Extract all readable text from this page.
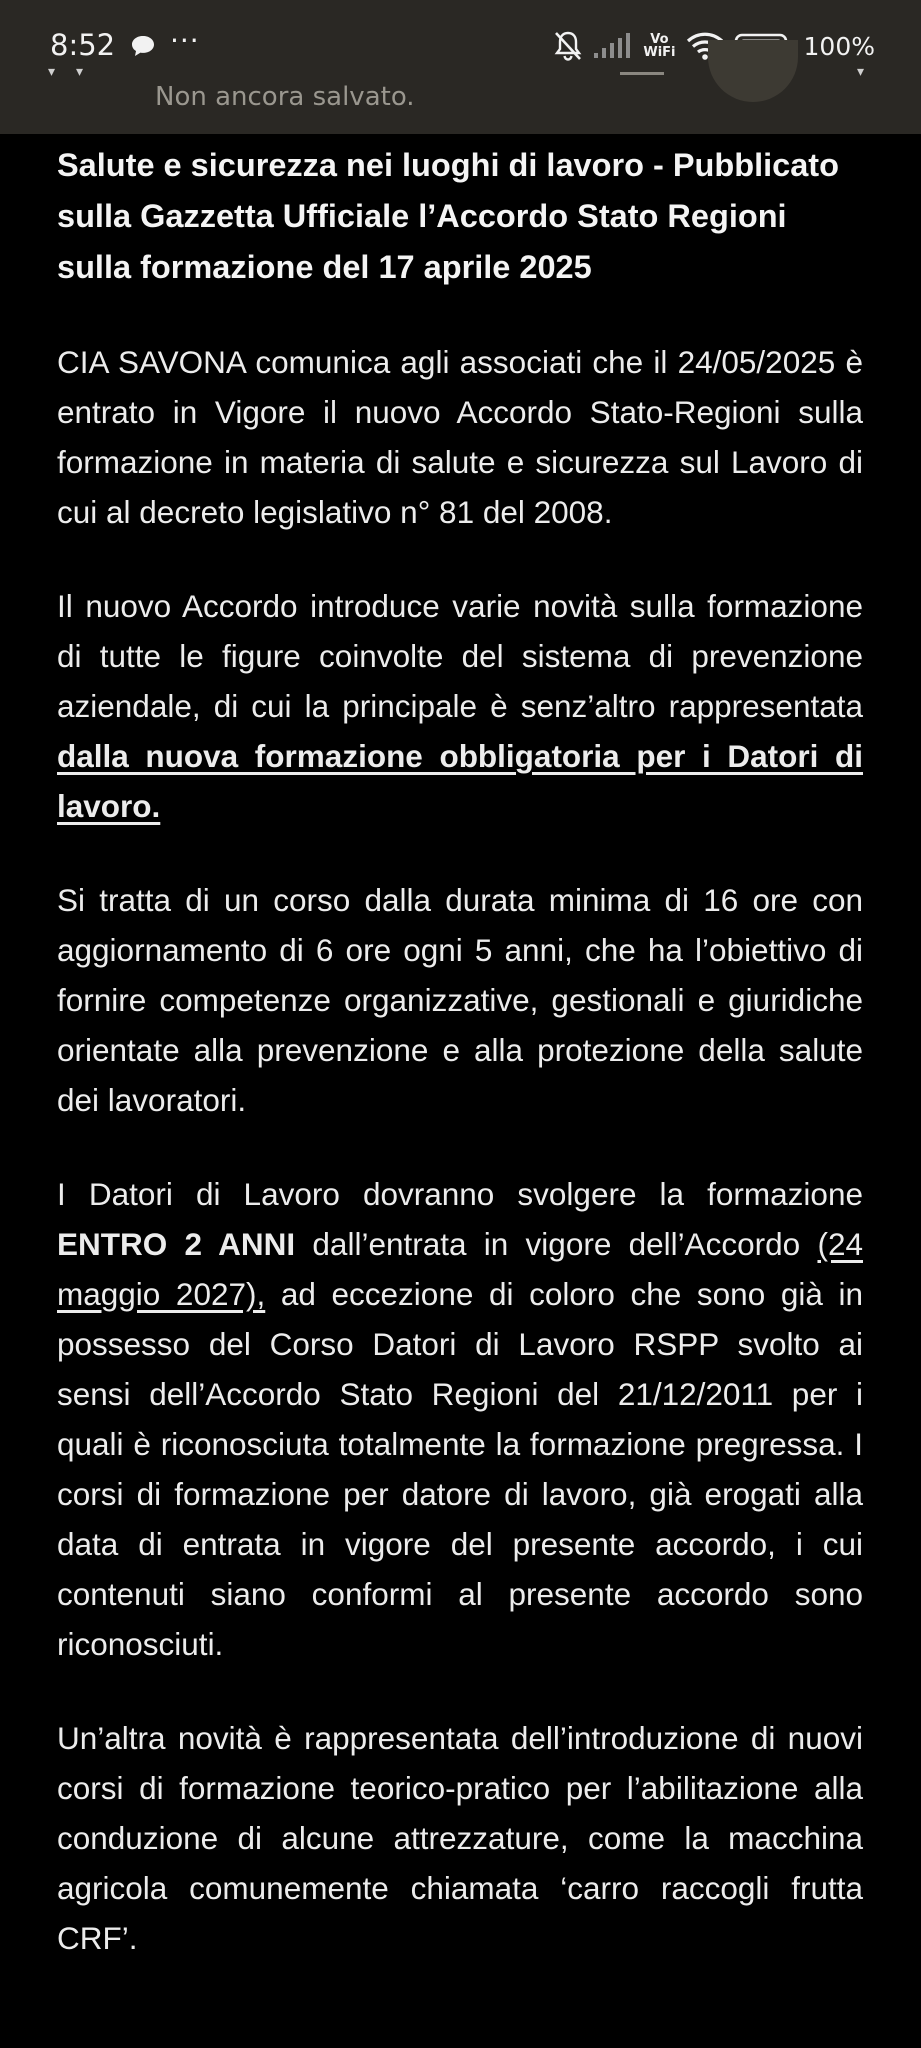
8:52 ···	Vo
WiFi	100%
▾ ▾	▾
Non ancora salvato.
Salute e sicurezza nei luoghi di lavoro - Pubblicato sulla Gazzetta Ufficiale l’Accordo Stato Regioni sulla formazione del 17 aprile 2025

CIA SAVONA comunica agli associati che il 24/05/2025 è entrato in Vigore il nuovo Accordo Stato-Regioni sulla formazione in materia di salute e sicurezza sul Lavoro di cui al decreto legislativo n° 81 del 2008.

Il nuovo Accordo introduce varie novità sulla formazione di tutte le figure coinvolte del sistema di prevenzione aziendale, di cui la principale è senz’altro rappresentata dalla nuova formazione obbligatoria per i Datori di lavoro.

Si tratta di un corso dalla durata minima di 16 ore con aggiornamento di 6 ore ogni 5 anni, che ha l’obiettivo di fornire competenze organizzative, gestionali e giuridiche orientate alla prevenzione e alla protezione della salute dei lavoratori.

I Datori di Lavoro dovranno svolgere la formazione ENTRO 2 ANNI dall’entrata in vigore dell’Accordo (24 maggio 2027), ad eccezione di coloro che sono già in possesso del Corso Datori di Lavoro RSPP svolto ai sensi dell’Accordo Stato Regioni del 21/12/2011 per i quali è riconosciuta totalmente la formazione pregressa. I corsi di formazione per datore di lavoro, già erogati alla data di entrata in vigore del presente accordo, i cui contenuti siano conformi al presente accordo sono riconosciuti.

Un’altra novità è rappresentata dell’introduzione di nuovi corsi di formazione teorico-pratico per l’abilitazione alla conduzione di alcune attrezzature, come la macchina agricola comunemente chiamata ‘carro raccogli frutta CRF’.
